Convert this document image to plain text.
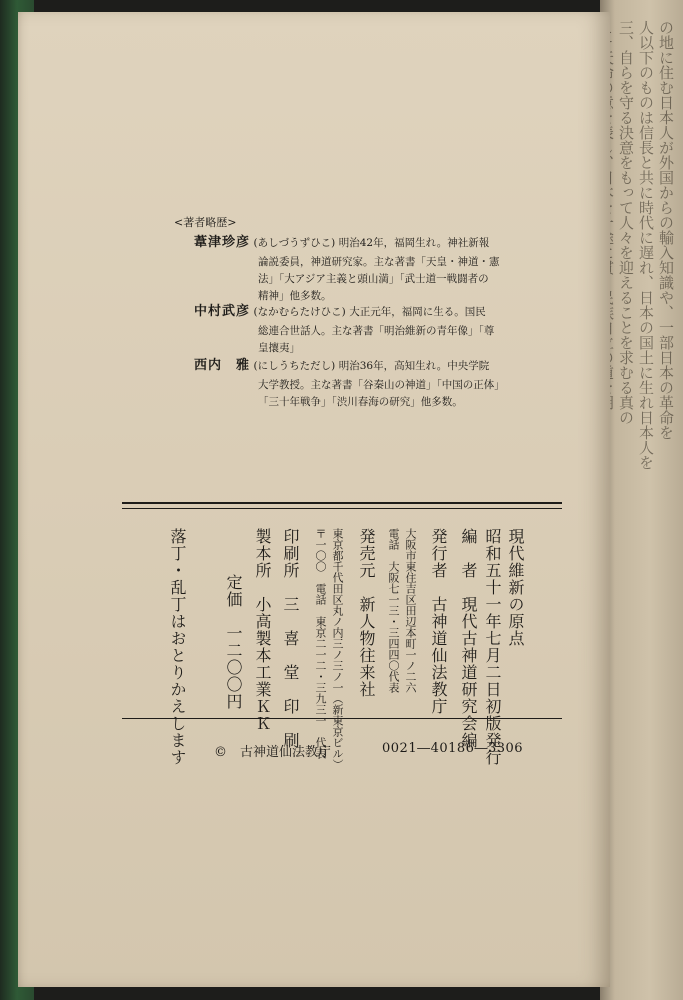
の地に住む日本人が外国からの輸入知識や、一部日本の革命を
人以下のものは信長と共に時代に遅れ、日本の国土に生れ日本人を
三、自らを守る決意をもって人々を迎えることを求むる真の
<著者略歴>
葦津珍彦 (あしづうずひこ) 明治42年，福岡生れ。神社新報
論説委員，神道研究家。主な著書「天皇・神道・憲
法」「大アジア主義と頭山満」「武士道一戦闘者の
精神」他多数。
中村武彦 (なかむらたけひこ) 大正元年，福岡に生る。国民
総連合世話人。主な著書「明治維新の青年像」「尊
皇攘夷」
西内　雅 (にしうちただし) 明治36年，高知生れ。中央学院
大学教授。主な著書「谷秦山の神道」「中国の正体」
「三十年戦争」「渋川春海の研究」他多数。
現代維新の原点
昭和五十一年七月二日初版発行
編　者　現代古神道研究会編
発行者　古神道仙法教庁
大阪市東住吉区田辺本町一ノ二六
電話　大阪七一三・三四四〇代表
発売元　新人物往来社
東京都千代田区丸ノ内三ノ三ノ一（新東京ビル）
〒一〇〇　電話　東京二一二・三九三一　代表
印刷所　三　喜　堂　印　刷
製本所　小高製本工業ＫＫ
定価　一二〇〇円
落丁・乱丁はおとりかえします ©　古神道仙法教庁	0021―40186―3306
